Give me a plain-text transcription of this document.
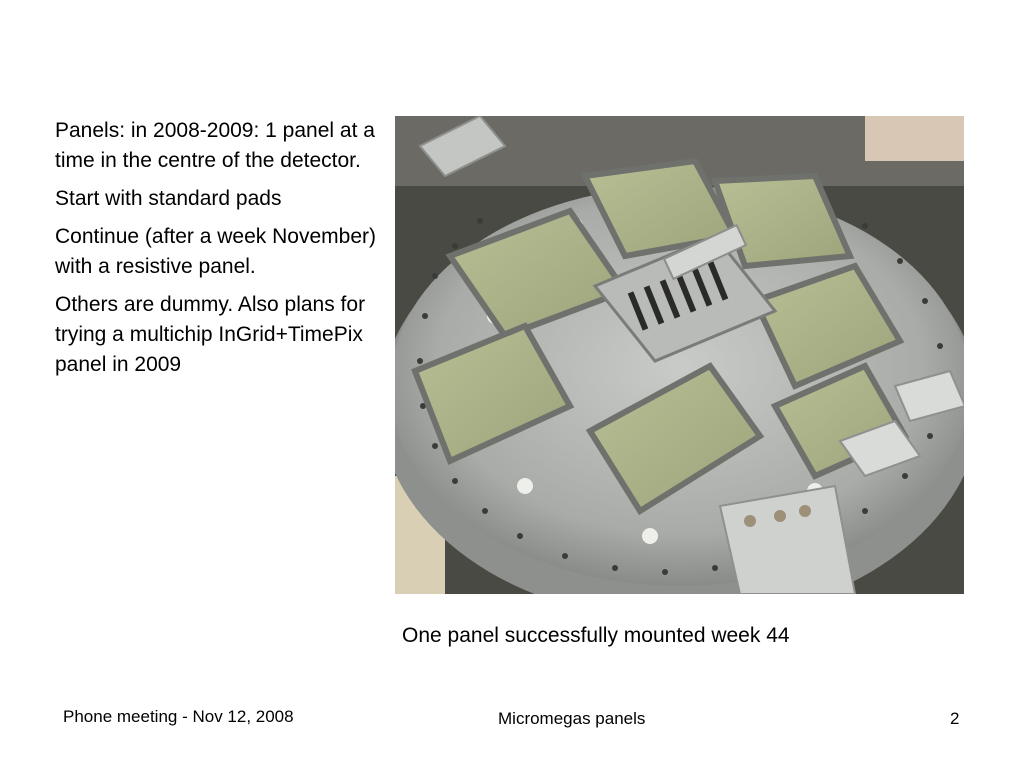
Panels: in 2008-2009: 1 panel at a time in the centre of the detector.

Start with standard pads

Continue (after a week November) with a resistive panel.

Others are dummy. Also plans for trying a multichip InGrid+TimePix panel in 2009

One panel successfully mounted week 44
Phone meeting - Nov 12, 2008	Micromegas panels	2
